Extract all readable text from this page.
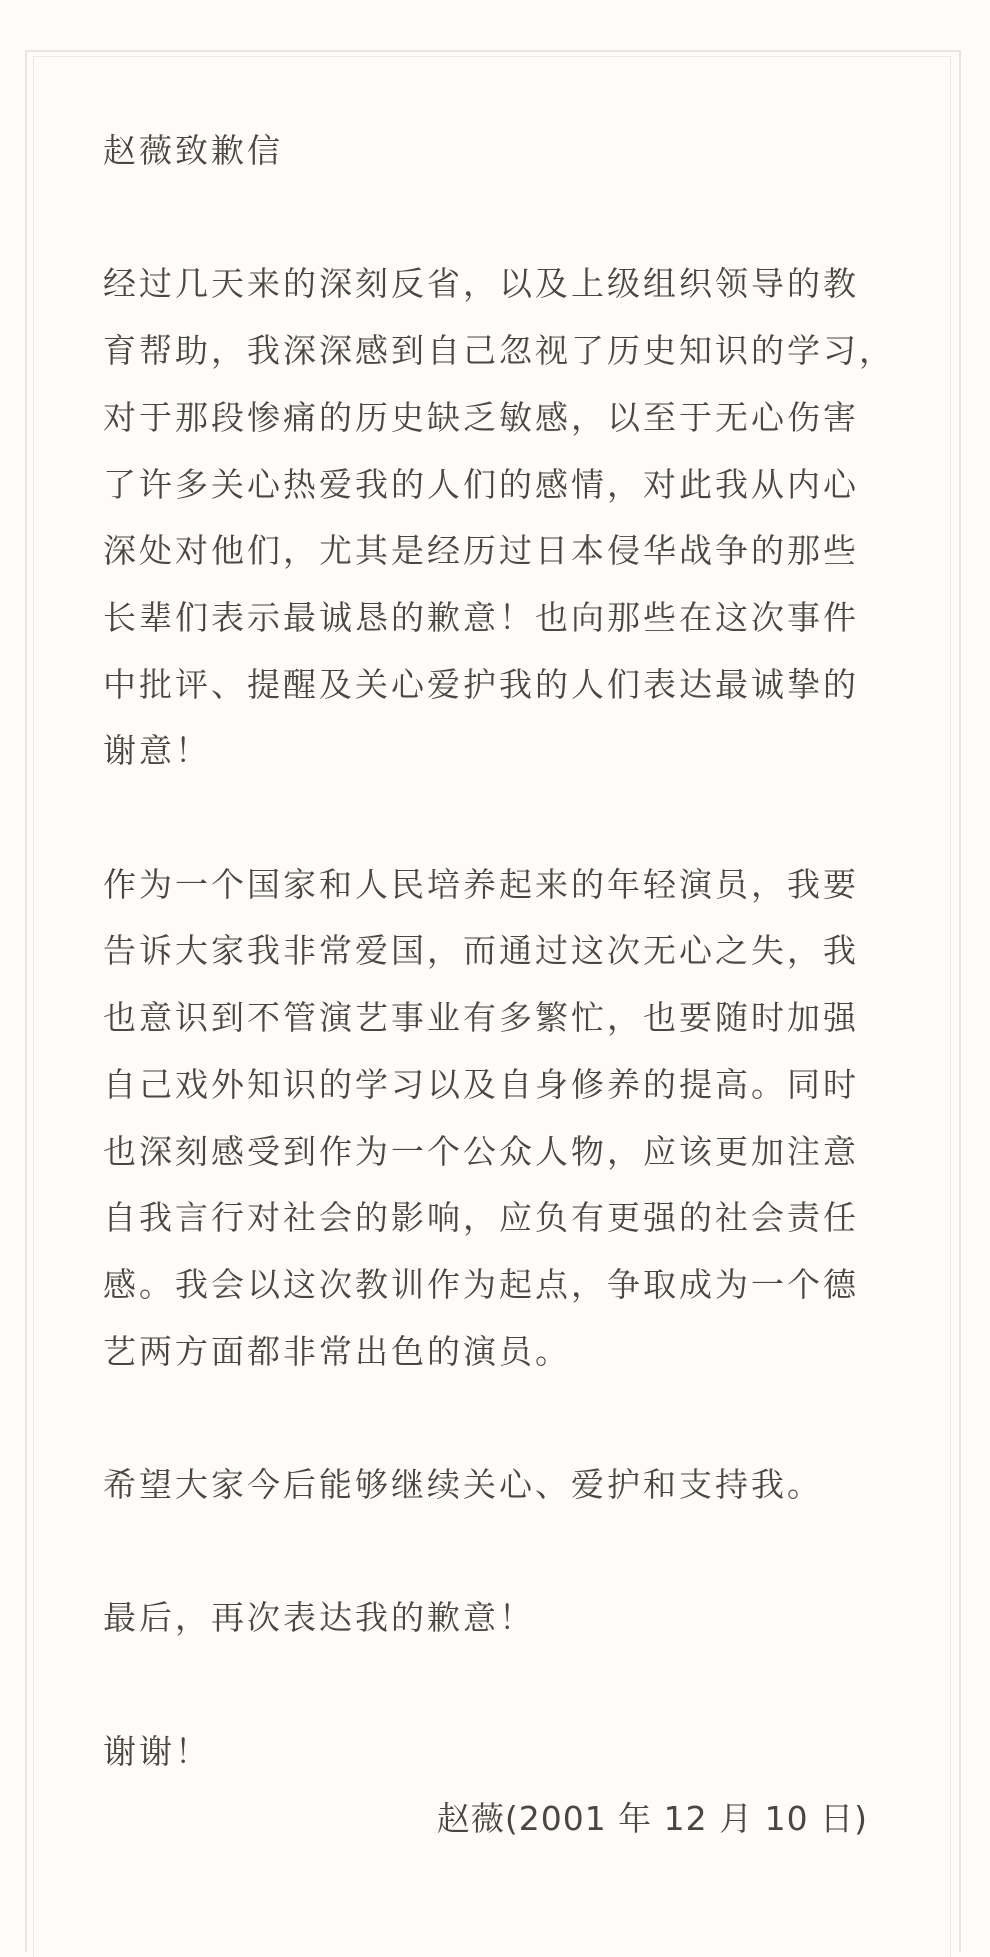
赵薇致歉信
赵薇(2001 年 12 月 10 日)
经过几天来的深刻反省，以及上级组织领导的教
育帮助，我深深感到自己忽视了历史知识的学习，
对于那段惨痛的历史缺乏敏感，以至于无心伤害
了许多关心热爱我的人们的感情，对此我从内心
深处对他们，尤其是经历过日本侵华战争的那些
长辈们表示最诚恳的歉意！也向那些在这次事件
中批评、提醒及关心爱护我的人们表达最诚挚的
谢意！
作为一个国家和人民培养起来的年轻演员，我要
告诉大家我非常爱国，而通过这次无心之失，我
也意识到不管演艺事业有多繁忙，也要随时加强
自己戏外知识的学习以及自身修养的提高。同时
也深刻感受到作为一个公众人物，应该更加注意
自我言行对社会的影响，应负有更强的社会责任
感。我会以这次教训作为起点，争取成为一个德
艺两方面都非常出色的演员。
希望大家今后能够继续关心、爱护和支持我。
最后，再次表达我的歉意！
谢谢！
